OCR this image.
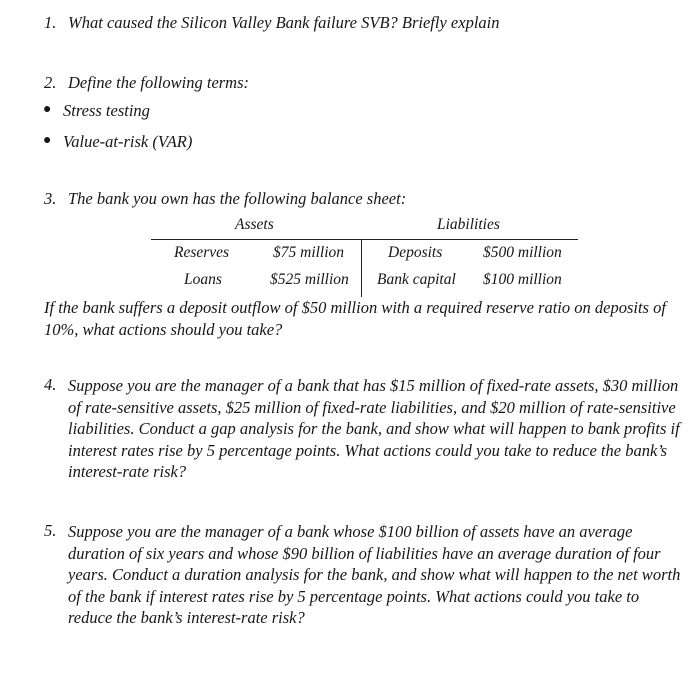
1. What caused the Silicon Valley Bank failure SVB? Briefly explain
2. Define the following terms:
● Stress testing
● Value-at-risk (VAR)
3. The bank you own has the following balance sheet:
Assets	Liabilities
Reserves	$75 million	Deposits	$500 million
Loans	$525 million Bank capital $100 million
If the bank suffers a deposit outflow of $50 million with a required reserve ratio on deposits of 10%, what actions should you take?
4. Suppose you are the manager of a bank that has $15 million of fixed-rate assets, $30 million of rate-sensitive assets, $25 million of fixed-rate liabilities, and $20 million of rate-sensitive liabilities. Conduct a gap analysis for the bank, and show what will happen to bank profits if interest rates rise by 5 percentage points. What actions could you take to reduce the bank’s interest-rate risk?
5. Suppose you are the manager of a bank whose $100 billion of assets have an average duration of six years and whose $90 billion of liabilities have an average duration of four years. Conduct a duration analysis for the bank, and show what will happen to the net worth of the bank if interest rates rise by 5 percentage points. What actions could you take to reduce the bank’s interest-rate risk?
